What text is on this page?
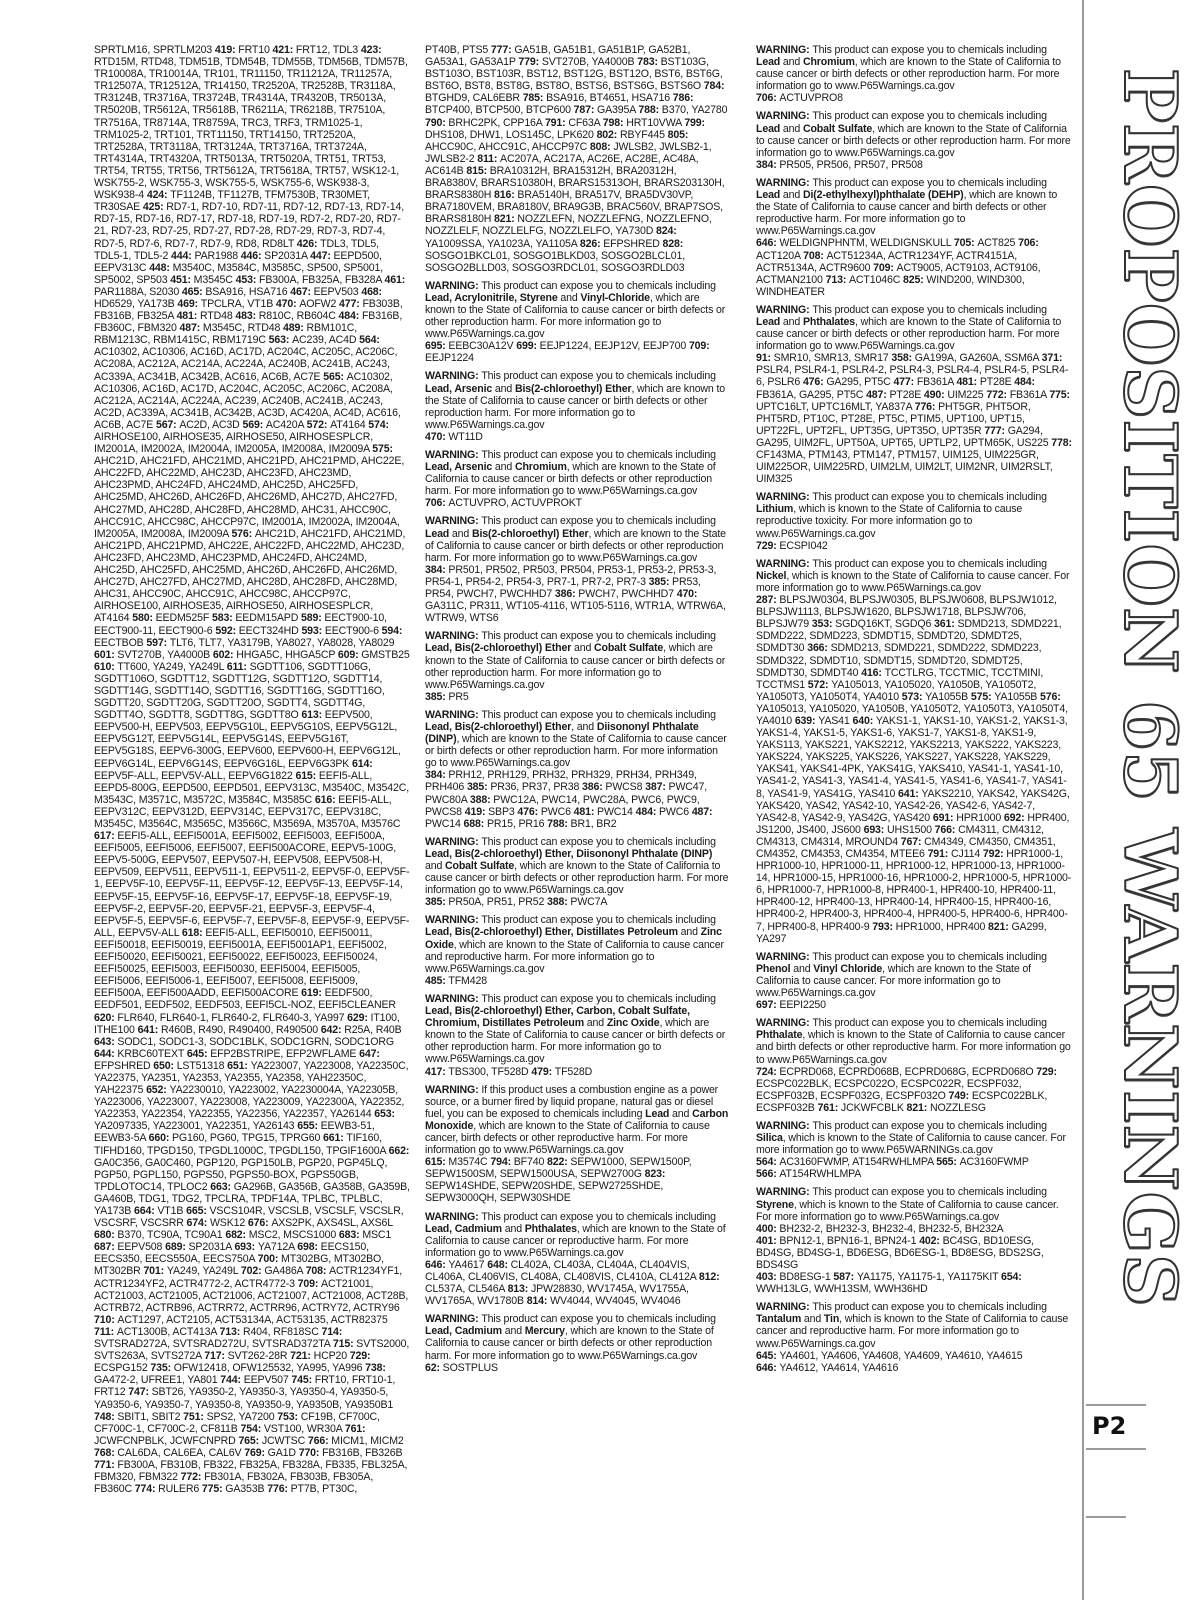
SPRTLM16, SPRTLM203 419: FRT10 421: FRT12, TDL3 423: RTD15M, RTD48, TDM51B, TDM54B, TDM55B, TDM56B, TDM57B, TR10008A, TR10014A, TR101, TR11150, TR11212A, TR11257A, TR12507A, TR12512A, TR14150, TR2520A, TR2528B, TR3118A, TR3124B, TR3716A, TR3724B, TR4314A, TR4320B, TR5013A, TR5020B, TR5612A, TR5618B, TR6211A, TR6218B, TR7510A, TR7516A, TR8714A, TR8759A, TRC3, TRF3, TRM1025-1, TRM1025-2, TRT101, TRT11150, TRT14150, TRT2520A, TRT2528A, TRT3118A, TRT3124A, TRT3716A, TRT3724A, TRT4314A, TRT4320A, TRT5013A, TRT5020A, TRT51, TRT53, TRT54, TRT55, TRT56, TRT5612A, TRT5618A, TRT57, WSK12-1, WSK755-2, WSK755-3, WSK755-5, WSK755-6, WSK938-3, WSK938-4 424: TF1124B, TF1127B, TFM7530B, TR30MET, TR30SAE 425: RD7-1, RD7-10, RD7-11, RD7-12, RD7-13, RD7-14, RD7-15, RD7-16, RD7-17, RD7-18, RD7-19, RD7-2, RD7-20, RD7-21, RD7-23, RD7-25, RD7-27, RD7-28, RD7-29, RD7-3, RD7-4, RD7-5, RD7-6, RD7-7, RD7-9, RD8, RD8LT 426: TDL3, TDL5, TDL5-1, TDL5-2 444: PAR1988 446: SP2031A 447: EEPD500, EEPV313C 448: M3540C, M3584C, M3585C, SP500, SP5001, SP5002, SP503 451: M3545C 453: FB300A, FB325A, FB328A 461: PAR1188A, S2030 465: BSA916, HSA716 467: EEPV503 468: HD6529, YA173B 469: TPCLRA, VT1B 470: AOFW2 477: FB303B, FB316B, FB325A 481: RTD48 483: R810C, RB604C 484: FB316B, FB360C, FBM320 487: M3545C, RTD48 489: RBM101C, RBM1213C, RBM1415C, RBM1719C 563: AC239, AC4D 564: AC10302, AC10306, AC16D, AC17D, AC204C, AC205C, AC206C, AC208A, AC212A, AC214A, AC224A, AC240B, AC241B, AC243, AC339A, AC341B, AC342B, AC616, AC6B, AC7E 565: AC10302, AC10306, AC16D, AC17D, AC204C, AC205C, AC206C, AC208A, AC212A, AC214A, AC224A, AC239, AC240B, AC241B, AC243, AC2D, AC339A, AC341B, AC342B, AC3D, AC420A, AC4D, AC616, AC6B, AC7E 567: AC2D, AC3D 569: AC420A 572: AT4164 574: AIRHOSE100, AIRHOSE35, AIRHOSE50, AIRHOSESPLCR, IM2001A, IM2002A, IM2004A, IM2005A, IM2008A, IM2009A 575: AHC21D, AHC21FD, AHC21MD, AHC21PD, AHC21PMD, AHC22E, AHC22FD, AHC22MD, AHC23D, AHC23FD, AHC23MD, AHC23PMD, AHC24FD, AHC24MD, AHC25D, AHC25FD, AHC25MD, AHC26D, AHC26FD, AHC26MD, AHC27D, AHC27FD, AHC27MD, AHC28D, AHC28FD, AHC28MD, AHC31, AHCC90C, AHCC91C, AHCC98C, AHCCP97C, IM2001A, IM2002A, IM2004A, IM2005A, IM2008A, IM2009A 576: AHC21D, AHC21FD, AHC21MD, AHC21PD, AHC21PMD, AHC22E, AHC22FD, AHC22MD, AHC23D, AHC23FD, AHC23MD, AHC23PMD, AHC24FD, AHC24MD, AHC25D, AHC25FD, AHC25MD, AHC26D, AHC26FD, AHC26MD, AHC27D, AHC27FD, AHC27MD, AHC28D, AHC28FD, AHC28MD, AHC31, AHCC90C, AHCC91C, AHCC98C, AHCCP97C, AIRHOSE100, AIRHOSE35, AIRHOSE50, AIRHOSESPLCR, AT4164 580: EEDM525F 583: EEDM15APD 589: EECT900-10, EECT900-11, EECT900-6 592: EECT324HD 593: EECT900-6 594: EECTBOB 597: TLT6, TLT7, YA3179B, YA8027, YA8028, YA8029 601: SVT270B, YA4000B 602: HHGA5C, HHGA5CP 609: GMSTB25 610: TT600, YA249, YA249L 611: SGDTT106, SGDTT106G, SGDTT106O, SGDTT12, SGDTT12G, SGDTT12O, SGDTT14, SGDTT14G, SGDTT14O, SGDTT16, SGDTT16G, SGDTT16O, SGDTT20, SGDTT20G, SGDTT20O, SGDTT4, SGDTT4G, SGDTT4O, SGDTT8, SGDTT8G, SGDTT8O 613: EEPV500, EEPV500-H, EEPV503, EEPV5G10L, EEPV5G10S, EEPV5G12L, EEPV5G12T, EEPV5G14L, EEPV5G14S, EEPV5G16T, EEPV5G18S, EEPV6-300G, EEPV600, EEPV600-H, EEPV6G12L, EEPV6G14L, EEPV6G14S, EEPV6G16L, EEPV6G3PK 614: EEPV5F-ALL, EEPV5V-ALL, EEPV6G1822 615: EEFI5-ALL, EEPD5-800G, EEPD500, EEPD501, EEPV313C, M3540C, M3542C, M3543C, M3571C, M3572C, M3584C, M3585C 616: EEFI5-ALL, EEPV312C, EEPV312D, EEPV314C, EEPV317C, EEPV318C, M3545C, M3564C, M3565C, M3566C, M3569A, M3570A, M3576C 617: EEFI5-ALL, EEFI5001A, EEFI5002, EEFI5003, EEFI500A, EEFI5005, EEFI5006, EEFI5007, EEFI500ACORE, EEPV5-100G, EEPV5-500G, EEPV507, EEPV507-H, EEPV508, EEPV508-H, EEPV509, EEPV511, EEPV511-1, EEPV511-2, EEPV5F-0, EEPV5F-1, EEPV5F-10, EEPV5F-11, EEPV5F-12, EEPV5F-13, EEPV5F-14, EEPV5F-15, EEPV5F-16, EEPV5F-17, EEPV5F-18, EEPV5F-19, EEPV5F-2, EEPV5F-20, EEPV5F-21, EEPV5F-3, EEPV5F-4, EEPV5F-5, EEPV5F-6, EEPV5F-7, EEPV5F-8, EEPV5F-9, EEPV5F-ALL, EEPV5V-ALL 618: EEFI5-ALL, EEFI50010, EEFI50011, EEFI50018, EEFI50019, EEFI5001A, EEFI5001AP1, EEFI5002, EEFI50020, EEFI50021, EEFI50022, EEFI50023, EEFI50024, EEFI50025, EEFI5003, EEFI50030, EEFI5004, EEFI5005, EEFI5006, EEFI5006-1, EEFI5007, EEFI5008, EEFI5009, EEFI500A, EEFI500AADD, EEFI500ACORE 619: EEDF500, EEDF501, EEDF502, EEDF503, EEFI5CL-NOZ, EEFI5CLEANER 620: FLR640, FLR640-1, FLR640-2, FLR640-3, YA997 629: IT100, ITHE100 641: R460B, R490, R490400, R490500 642: R25A, R40B 643: SODC1, SODC1-3, SODC1BLK, SODC1GRN, SODC1ORG 644: KRBC60TEXT 645: EFP2BSTRIPE, EFP2WFLAME 647: EFPSHRED 650: LST51318 651: YA223007, YA223008, YA22350C, YA22375, YA2351, YA2353, YA2355, YA2358, YAH22350C, YAH22375 652: YA2230010, YA223002, YA2230004A, YA22305B, YA223006, YA223007, YA223008, YA223009, YA22300A, YA22352, YA22353, YA22354, YA22355, YA22356, YA22357, YA26144 653: YA2097335, YA223001, YA22351, YA26143 655: EEWB3-51, EEWB3-5A 660: PG160, PG60, TPG15, TPRG60 661: TIF160, TIFHD160, TPGD150, TPGDL1000C, TPGDL150, TPGIF1600A 662: GA0C356, GA0C460, PGP120, PGP150LB, PGP20, PGP45LQ, PGP50, PGPL150, PGPS50, PGPS50-BOX, PGPS50GB, TPDLOTOC14, TPLOC2 663: GA296B, GA356B, GA358B, GA359B, GA460B, TDG1, TDG2, TPCLRA, TPDF14A, TPLBC, TPLBLC, YA173B 664: VT1B 665: VSCS104R, VSCSLB, VSCSLF, VSCSLR, VSCSRF, VSCSRR 674: WSK12 676: AXS2PK, AXS4SL, AXS6L 680: B370, TC90A, TC90A1 682: MSC2, MSCS1000 683: MSC1 687: EEPV508 689: SP2031A 693: YA712A 698: EECS150, EECS350, EECS550A, EECS750A 700: MT302BG, MT302BO, MT302BR 701: YA249, YA249L 702: GA486A 708: ACTR1234YF1, ACTR1234YF2, ACTR4772-2, ACTR4772-3 709: ACT21001, ACT21003, ACT21005, ACT21006, ACT21007, ACT21008, ACT28B, ACTRB72, ACTRB96, ACTRR72, ACTRR96, ACTRY72, ACTRY96 710: ACT1297, ACT2105, ACT53134A, ACT53135, ACTR82375 711: ACT1300B, ACT413A 713: R404, RF818SC 714: SVTSRAD272A, SVTSRAD272U, SVTSRAD372TA 715: SVTS2000, SVTS263A, SVTS272A 717: SVT262-28R 721: HCP20 729: ECSPG152 735: OFW12418, OFW125532, YA995, YA996 738: GA472-2, UFREE1, YA801 744: EEPV507 745: FRT10, FRT10-1, FRT12 747: SBT26, YA9350-2, YA9350-3, YA9350-4, YA9350-5, YA9350-6, YA9350-7, YA9350-8, YA9350-9, YA9350B, YA9350B1 748: SBIT1, SBIT2 751: SPS2, YA7200 753: CF19B, CF700C, CF700C-1, CF700C-2, CF811B 754: VST100, WR30A 761: JCWFCNPBLK, JCWFCNPRD 765: JCWTSC 766: MICM1, MICM2 768: CAL6DA, CAL6EA, CAL6V 769: GA1D 770: FB316B, FB326B 771: FB300A, FB310B, FB322, FB325A, FB328A, FB335, FBL325A, FBM320, FBM322 772: FB301A, FB302A, FB303B, FB305A, FB360C 774: RULER6 775: GA353B 776: PT7B, PT30C,
PT40B, PTS5 777: GA51B, GA51B1, GA51B1P, GA52B1, GA53A1, GA53A1P 779: SVT270B, YA4000B 783: BST103G, BST103O, BST103R, BST12, BST12G, BST12O, BST6, BST6G, BST6O, BST8, BST8G, BST8O, BSTS6, BSTS6G, BSTS6O 784: BTGHD9, CAL6EBR 785: BSA916, BT4651, HSA716 786: BTCP400, BTCP500, BTCP600 787: GA395A 788: B370, YA2780 790: BRHC2PK, CPP16A 791: CF63A 798: HRT10VWA 799: DHS108, DHW1, LOS145C, LPK620 802: RBYF445 805: AHCC90C, AHCC91C, AHCCP97C 808: JWLSB2, JWLSB2-1, JWLSB2-2 811: AC207A, AC217A, AC26E, AC28E, AC48A, AC614B 815: BRA10312H, BRA15312H, BRA20312H, BRA8380V, BRARS10380H, BRARS15313OH, BRARS203130H, BRARS8380H 816: BRA5140H, BRA517V, BRA5DV30VP, BRA7180VEM, BRA8180V, BRA9G3B, BRAC560V, BRAP7SOS, BRARS8180H 821: NOZZLEFN, NOZZLEFNG, NOZZLEFNO, NOZZLELF, NOZZLELFG, NOZZLELFO, YA730D 824: YA1009SSA, YA1023A, YA1105A 826: EFPSHRED 828: SOSGO1BKCL01, SOSGO1BLKD03, SOSGO2BLCL01, SOSGO2BLLD03, SOSGO3RDCL01, SOSGO3RDLD03
WARNING: This product can expose you to chemicals including Lead, Acrylonitrile, Styrene and Vinyl-Chloride, which are known to the State of California to cause cancer or birth defects or other reproduction harm. For more information go to www.P65Warnings.ca.gov
695: EEBC30A12V 699: EEJP1224, EEJP12V, EEJP700 709: EEJP1224
WARNING: This product can expose you to chemicals including Lead, Arsenic and Bis(2-chloroethyl) Ether, which are known to the State of California to cause cancer or birth defects or other reproduction harm. For more information go to www.P65Warnings.ca.gov
470: WT11D
WARNING: This product can expose you to chemicals including Lead, Arsenic and Chromium, which are known to the State of California to cause cancer or birth defects or other reproduction harm. For more information go to www.P65Warnings.ca.gov
706: ACTUVPRO, ACTUVPROKT
WARNING: This product can expose you to chemicals including Lead and Bis(2-chloroethyl) Ether, which are known to the State of California to cause cancer or birth defects or other reproduction harm. For more information go to www.P65Warnings.ca.gov
384: PR501, PR502, PR503, PR504, PR53-1, PR53-2, PR53-3, PR54-1, PR54-2, PR54-3, PR7-1, PR7-2, PR7-3 385: PR53, PR54, PWCH7, PWCHHD7 386: PWCH7, PWCHHD7 470: GA311C, PR311, WT105-4116, WT105-5116, WTR1A, WTRW6A, WTRW9, WTS6
WARNING: This product can expose you to chemicals including Lead, Bis(2-chloroethyl) Ether and Cobalt Sulfate, which are known to the State of California to cause cancer or birth defects or other reproduction harm. For more information go to www.P65Warnings.ca.gov
385: PR5
WARNING: This product can expose you to chemicals including Lead, Bis(2-chloroethyl) Ether, and Diisononyl Phthalate (DINP), which are known to the State of California to cause cancer or birth defects or other reproduction harm. For more information go to www.P65Warnings.ca.gov
384: PRH12, PRH129, PRH32, PRH329, PRH34, PRH349, PRH406 385: PR36, PR37, PR38 386: PWCS8 387: PWC47, PWC80A 388: PWC12A, PWC14, PWC28A, PWC6, PWC9, PWCS8 419: SBP3 476: PWC6 481: PWC14 484: PWC6 487: PWC14 688: PR15, PR16 788: BR1, BR2
WARNING: This product can expose you to chemicals including Lead, Bis(2-chloroethyl) Ether, Diisononyl Phthalate (DINP) and Cobalt Sulfate, which are known to the State of California to cause cancer or birth defects or other reproduction harm. For more information go to www.P65Warnings.ca.gov
385: PR50A, PR51, PR52 388: PWC7A
WARNING: This product can expose you to chemicals including Lead, Bis(2-chloroethyl) Ether, Distillates Petroleum and Zinc Oxide, which are known to the State of California to cause cancer and reproductive harm. For more information go to www.P65Warnings.ca.gov
485: TFM428
WARNING: This product can expose you to chemicals including Lead, Bis(2-chloroethyl) Ether, Carbon, Cobalt Sulfate, Chromium, Distillates Petroleum and Zinc Oxide, which are known to the State of California to cause cancer or birth defects or other reproduction harm. For more information go to www.P65Warnings.ca.gov
417: TBS300, TF528D 479: TF528D
WARNING: If this product uses a combustion engine as a power source, or a burner fired by liquid propane, natural gas or diesel fuel, you can be exposed to chemicals including Lead and Carbon Monoxide, which are known to the State of California to cause cancer, birth defects or other reproductive harm. For more information go to www.P65Warnings.ca.gov
615: M3574C 794: BF740 822: SEPW1000, SEPW1500P, SEPW1500SM, SEPW1500USA, SEPW2700G 823: SEPW14SHDE, SEPW20SHDE, SEPW2725SHDE, SEPW3000QH, SEPW30SHDE
WARNING: This product can expose you to chemicals including Lead, Cadmium and Phthalates, which are known to the State of California to cause cancer or reproductive harm. For more information go to www.P65Warnings.ca.gov
646: YA4617 648: CL402A, CL403A, CL404A, CL404VIS, CL406A, CL406VIS, CL408A, CL408VIS, CL410A, CL412A 812: CL537A, CL546A 813: JPW28830, WV1745A, WV1755A, WV1765A, WV1780B 814: WV4044, WV4045, WV4046
WARNING: This product can expose you to chemicals including Lead, Cadmium and Mercury, which are known to the State of California to cause cancer or birth defects or other reproduction harm. For more information go to www.P65Warnings.ca.gov
62: SOSTPLUS
WARNING: This product can expose you to chemicals including Lead and Chromium, which are known to the State of California to cause cancer or birth defects or other reproduction harm. For more information go to www.P65Warnings.ca.gov
706: ACTUVPRO8
WARNING: This product can expose you to chemicals including Lead and Cobalt Sulfate, which are known to the State of California to cause cancer or birth defects or other reproduction harm. For more information go to www.P65Warnings.ca.gov
384: PR505, PR506, PR507, PR508
WARNING: This product can expose you to chemicals including Lead and Di(2-ethylhexyl)phthalate (DEHP), which are known to the State of California to cause cancer and birth defects or other reproductive harm. For more information go to www.P65Warnings.ca.gov
646: WELDIGNPHNTM, WELDIGNSKULL 705: ACT825 706: ACT120A 708: ACT51234A, ACTR1234YF, ACTR4151A, ACTR5134A, ACTR9600 709: ACT9005, ACT9103, ACT9106, ACTMAN2100 713: ACT1046C 825: WIND200, WIND300, WINDHEATER
WARNING: This product can expose you to chemicals including Lead and Phthalates, which are known to the State of California to cause cancer or birth defects or other reproduction harm. For more information go to www.P65Warnings.ca.gov
91: SMR10, SMR13, SMR17 358: GA199A, GA260A, SSM6A 371: PSLR4, PSLR4-1, PSLR4-2, PSLR4-3, PSLR4-4, PSLR4-5, PSLR4-6, PSLR6 476: GA295, PT5C 477: FB361A 481: PT28E 484: FB361A, GA295, PT5C 487: PT28E 490: UIM225 772: FB361A 775: UPTC16LT, UPTC16MLT, YA837A 776: PHT5GR, PHT5OR, PHT5RD, PT10C, PT28E, PT5C, PTIM5, UPT100, UPT15, UPT22FL, UPT2FL, UPT35G, UPT35O, UPT35R 777: GA294, GA295, UIM2FL, UPT50A, UPT65, UPTLP2, UPTM65K, US225 778: CF143MA, PTM143, PTM147, PTM157, UIM125, UIM225GR, UIM225OR, UIM225RD, UIM2LM, UIM2LT, UIM2NR, UIM2RSLT, UIM325
WARNING: This product can expose you to chemicals including Lithium, which is known to the State of California to cause reproductive toxicity. For more information go to www.P65Warnings.ca.gov
729: ECSPI042
WARNING: This product can expose you to chemicals including Nickel, which is known to the State of California to cause cancer. For more information go to www.P65Warnings.ca.gov
287: BLPSJW0304, BLPSJW0305, BLPSJW0608, BLPSJW1012, BLPSJW1113, BLPSJW1620, BLPSJW1718, BLPSJW706, BLPSJW79 353: SGDQ16KT, SGDQ6 361: SDMD213, SDMD221, SDMD222, SDMD223, SDMDT15, SDMDT20, SDMDT25, SDMDT30 366: SDMD213, SDMD221, SDMD222, SDMD223, SDMD322, SDMDT10, SDMDT15, SDMDT20, SDMDT25, SDMDT30, SDMDT40 416: TCCTLRG, TCCTMIC, TCCTMINI, TCCTMS1 572: YA105013, YA105020, YA1050B, YA1050T2, YA1050T3, YA1050T4, YA4010 573: YA1055B 575: YA1055B 576: YA105013, YA105020, YA1050B, YA1050T2, YA1050T3, YA1050T4, YA4010 639: YAS41 640: YAKS1-1, YAKS1-10, YAKS1-2, YAKS1-3, YAKS1-4, YAKS1-5, YAKS1-6, YAKS1-7, YAKS1-8, YAKS1-9, YAKS113, YAKS221, YAKS2212, YAKS2213, YAKS222, YAKS223, YAKS224, YAKS225, YAKS226, YAKS227, YAKS228, YAKS229, YAKS41, YAKS41-4PK, YAKS41G, YAKS410, YAS41-1, YAS41-10, YAS41-2, YAS41-3, YAS41-4, YAS41-5, YAS41-6, YAS41-7, YAS41-8, YAS41-9, YAS41G, YAS410 641: YAKS2210, YAKS42, YAKS42G, YAKS420, YAS42, YAS42-10, YAS42-26, YAS42-6, YAS42-7, YAS42-8, YAS42-9, YAS42G, YAS420 691: HPR1000 692: HPR400, JS1200, JS400, JS600 693: UHS1500 766: CM4311, CM4312, CM4313, CM4314, MROUND4 767: CM4349, CM4350, CM4351, CM4352, CM4353, CM4354, MTEE6 791: CJ114 792: HPR1000-1, HPR1000-10, HPR1000-11, HPR1000-12, HPR1000-13, HPR1000-14, HPR1000-15, HPR1000-16, HPR1000-2, HPR1000-5, HPR1000-6, HPR1000-7, HPR1000-8, HPR400-1, HPR400-10, HPR400-11, HPR400-12, HPR400-13, HPR400-14, HPR400-15, HPR400-16, HPR400-2, HPR400-3, HPR400-4, HPR400-5, HPR400-6, HPR400-7, HPR400-8, HPR400-9 793: HPR1000, HPR400 821: GA299, YA297
WARNING: This product can expose you to chemicals including Phenol and Vinyl Chloride, which are known to the State of California to cause cancer. For more information go to www.P65Warnings.ca.gov
697: EEPI2250
WARNING: This product can expose you to chemicals including Phthalate, which is known to the State of California to cause cancer and birth defects or other reproductive harm. For more information go to www.P65Warnings.ca.gov
724: ECPRD068, ECPRD068B, ECPRD068G, ECPRD068O 729: ECSPC022BLK, ECSPC022O, ECSPC022R, ECSPF032, ECSPF032B, ECSPF032G, ECSPF032O 749: ECSPC022BLK, ECSPF032B 761: JCKWFCBLK 821: NOZZLESG
WARNING: This product can expose you to chemicals including Silica, which is known to the State of California to cause cancer. For more information go to www.P65WARNINGs.ca.gov
564: AC3160FWMP, AT154RWHLMPA 565: AC3160FWMP
566: AT154RWHLMPA
WARNING: This product can expose you to chemicals including Styrene, which is known to the State of California to cause cancer. For more information go to www.P65Warnings.ca.gov
400: BH232-2, BH232-3, BH232-4, BH232-5, BH232A
401: BPN12-1, BPN16-1, BPN24-1 402: BC4SG, BD10ESG, BD4SG, BD4SG-1, BD6ESG, BD6ESG-1, BD8ESG, BDS2SG, BDS4SG
403: BD8ESG-1 587: YA1175, YA1175-1, YA1175KIT 654: WWH13LG, WWH13SM, WWH36HD
WARNING: This product can expose you to chemicals including Tantalum and Tin, which is known to the State of California to cause cancer and reproductive harm. For more information go to www.P65Warnings.ca.gov
645: YA4601, YA4606, YA4608, YA4609, YA4610, YA4615
646: YA4612, YA4614, YA4616
PROPOSITION 65 WARNINGS
P2
